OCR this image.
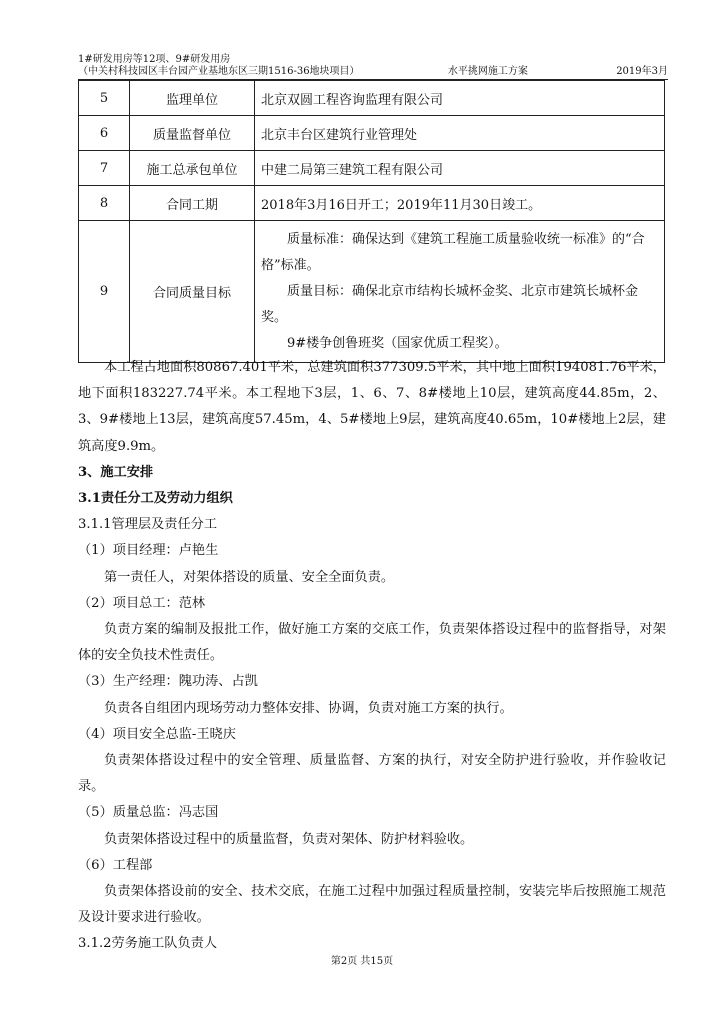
1#研发用房等12项、9#研发用房
（中关村科技园区丰台园产业基地东区三期1516-36地块项目）	水平挑网施工方案	2019年3月
5	监理单位	北京双圆工程咨询监理有限公司
6	质量监督单位	北京丰台区建筑行业管理处
7	施工总承包单位	中建二局第三建筑工程有限公司
8	合同工期	2018年3月16日开工；2019年11月30日竣工。
9	合同质量目标	质量标准：确保达到《建筑工程施工质量验收统一标准》的“合格”标准。
质量目标：确保北京市结构长城杯金奖、北京市建筑长城杯金奖。
9#楼争创鲁班奖（国家优质工程奖）。

本工程占地面积80867.401平米，总建筑面积377309.5平米，其中地上面积194081.76平米，地下面积183227.74平米。本工程地下3层，1、6、7、8#楼地上10层，建筑高度44.85m，2、3、9#楼地上13层，建筑高度57.45m，4、5#楼地上9层，建筑高度40.65m，10#楼地上2层，建筑高度9.9m。

3、施工安排

3.1责任分工及劳动力组织

3.1.1管理层及责任分工

（1）项目经理：卢艳生

第一责任人，对架体搭设的质量、安全全面负责。

（2）项目总工：范林

负责方案的编制及报批工作，做好施工方案的交底工作，负责架体搭设过程中的监督指导，对架体的安全负技术性责任。

（3）生产经理：隗功涛、占凯

负责各自组团内现场劳动力整体安排、协调，负责对施工方案的执行。

（4）项目安全总监-王晓庆

负责架体搭设过程中的安全管理、质量监督、方案的执行，对安全防护进行验收，并作验收记录。

（5）质量总监：冯志国

负责架体搭设过程中的质量监督，负责对架体、防护材料验收。

（6）工程部

负责架体搭设前的安全、技术交底，在施工过程中加强过程质量控制，安装完毕后按照施工规范及设计要求进行验收。

3.1.2劳务施工队负责人

第2页 共15页
